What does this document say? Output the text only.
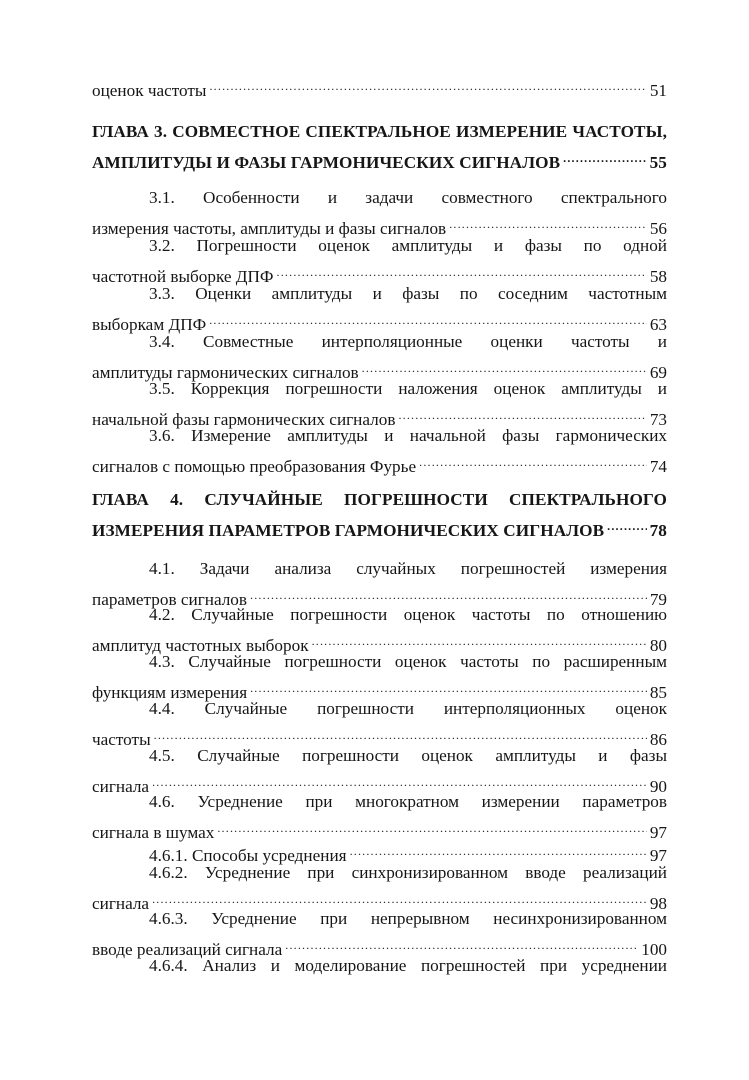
оценок частоты .....	51
ГЛАВА 3. СОВМЕСТНОЕ СПЕКТРАЛЬНОЕ ИЗМЕРЕНИЕ ЧАСТОТЫ,
АМПЛИТУДЫ И ФАЗЫ ГАРМОНИЧЕСКИХ СИГНАЛОВ .....	55
3.1. Особенности и задачи совместного спектрального
измерения частоты, амплитуды и фазы сигналов .....	56
3.2. Погрешности оценок амплитуды и фазы по одной
частотной выборке ДПФ .....	58
3.3. Оценки амплитуды и фазы по соседним частотным
выборкам ДПФ .....	63
3.4. Совместные интерполяционные оценки частоты и
амплитуды гармонических сигналов .....	69
3.5. Коррекция погрешности наложения оценок амплитуды и
начальной фазы гармонических сигналов .....	73
3.6. Измерение амплитуды и начальной фазы гармонических
сигналов с помощью преобразования Фурье .....	74
ГЛАВА 4. СЛУЧАЙНЫЕ ПОГРЕШНОСТИ СПЕКТРАЛЬНОГО
ИЗМЕРЕНИЯ ПАРАМЕТРОВ ГАРМОНИЧЕСКИХ СИГНАЛОВ .....	78
4.1. Задачи анализа случайных погрешностей измерения
параметров сигналов .....	79
4.2. Случайные погрешности оценок частоты по отношению
амплитуд частотных выборок .....	80
4.3. Случайные погрешности оценок частоты по расширенным
функциям измерения .....	85
4.4. Случайные погрешности интерполяционных оценок
частоты .....	86
4.5. Случайные погрешности оценок амплитуды и фазы
сигнала .....	90
4.6. Усреднение при многократном измерении параметров
сигнала в шумах .....	97
4.6.1. Способы усреднения .....	97
4.6.2. Усреднение при синхронизированном вводе реализаций
сигнала .....	98
4.6.3. Усреднение при непрерывном несинхронизированном
вводе реализаций сигнала .....	100
4.6.4. Анализ и моделирование погрешностей при усреднении
